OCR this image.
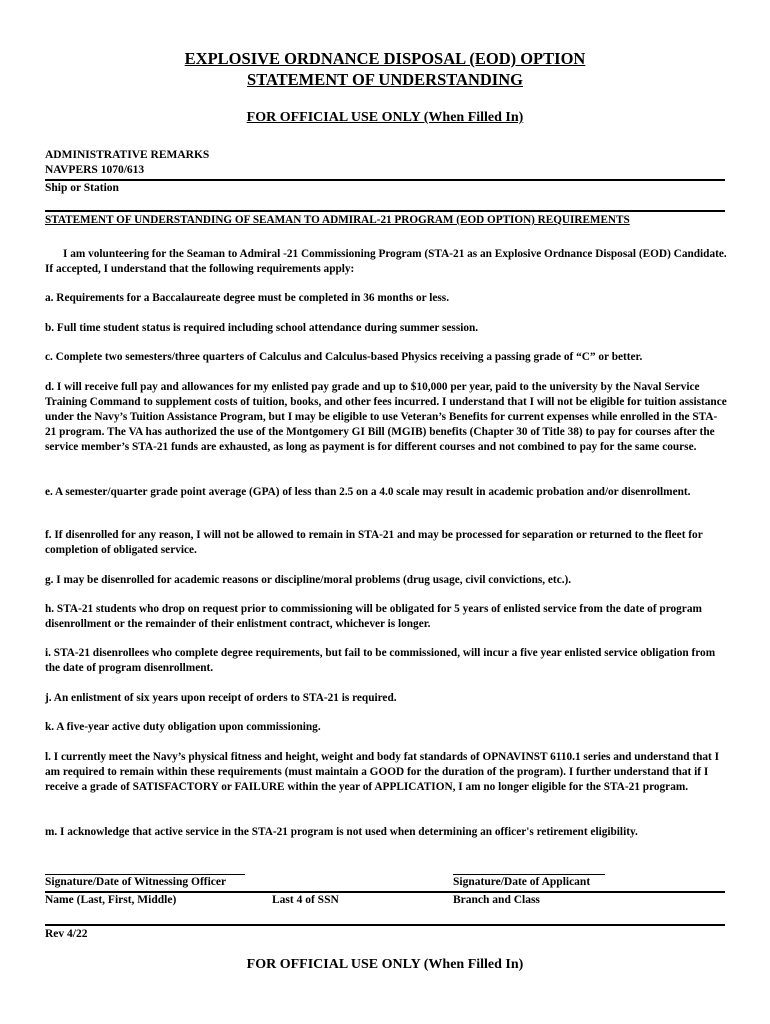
EXPLOSIVE ORDNANCE DISPOSAL (EOD) OPTION
STATEMENT OF UNDERSTANDING
FOR OFFICIAL USE ONLY (When Filled In)
ADMINISTRATIVE REMARKS
NAVPERS 1070/613
Ship or Station
STATEMENT OF UNDERSTANDING OF SEAMAN TO ADMIRAL-21 PROGRAM (EOD OPTION) REQUIREMENTS
I am volunteering for the Seaman to Admiral -21 Commissioning Program (STA-21 as an Explosive Ordnance Disposal (EOD) Candidate. If accepted, I understand that the following requirements apply:
a. Requirements for a Baccalaureate degree must be completed in 36 months or less.
b. Full time student status is required including school attendance during summer session.
c. Complete two semesters/three quarters of Calculus and Calculus-based Physics receiving a passing grade of “C” or better.
d. I will receive full pay and allowances for my enlisted pay grade and up to $10,000 per year, paid to the university by the Naval Service Training Command to supplement costs of tuition, books, and other fees incurred. I understand that I will not be eligible for tuition assistance under the Navy’s Tuition Assistance Program, but I may be eligible to use Veteran’s Benefits for current expenses while enrolled in the STA-21 program. The VA has authorized the use of the Montgomery GI Bill (MGIB) benefits (Chapter 30 of Title 38) to pay for courses after the service member’s STA-21 funds are exhausted, as long as payment is for different courses and not combined to pay for the same course.
e. A semester/quarter grade point average (GPA) of less than 2.5 on a 4.0 scale may result in academic probation and/or disenrollment.
f. If disenrolled for any reason, I will not be allowed to remain in STA-21 and may be processed for separation or returned to the fleet for completion of obligated service.
g. I may be disenrolled for academic reasons or discipline/moral problems (drug usage, civil convictions, etc.).
h. STA-21 students who drop on request prior to commissioning will be obligated for 5 years of enlisted service from the date of program disenrollment or the remainder of their enlistment contract, whichever is longer.
i. STA-21 disenrollees who complete degree requirements, but fail to be commissioned, will incur a five year enlisted service obligation from the date of program disenrollment.
j. An enlistment of six years upon receipt of orders to STA-21 is required.
k. A five-year active duty obligation upon commissioning.
l. I currently meet the Navy’s physical fitness and height, weight and body fat standards of OPNAVINST 6110.1 series and understand that I am required to remain within these requirements (must maintain a GOOD for the duration of the program). I further understand that if I receive a grade of SATISFACTORY or FAILURE within the year of APPLICATION, I am no longer eligible for the STA-21 program.
m. I acknowledge that active service in the STA-21 program is not used when determining an officer's retirement eligibility.
Signature/Date of Witnessing Officer	Signature/Date of Applicant
Name (Last, First, Middle)	Last 4 of SSN	Branch and Class
Rev 4/22
FOR OFFICIAL USE ONLY (When Filled In)
